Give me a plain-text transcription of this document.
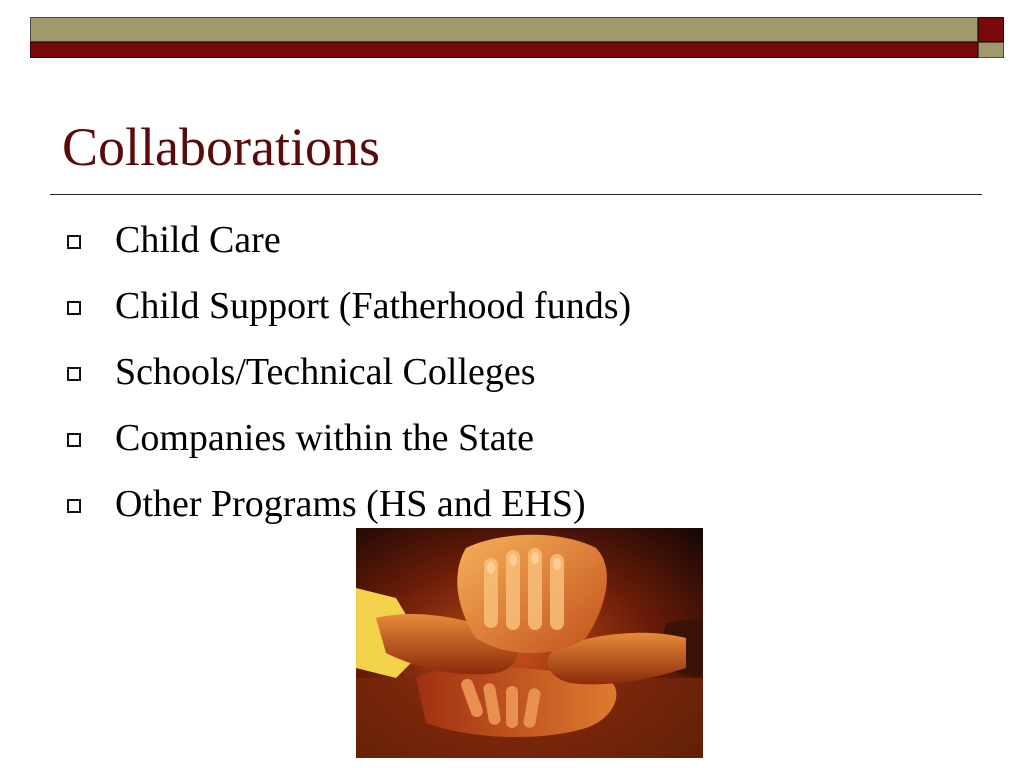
Collaborations
Child Care
Child Support (Fatherhood funds)
Schools/Technical Colleges
Companies within the State
Other Programs (HS and EHS)
